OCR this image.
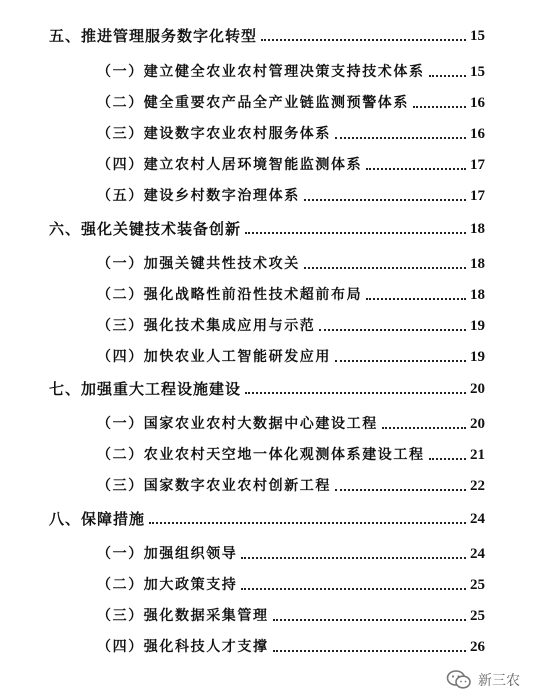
五、推进管理服务数字化转型	15
（一）建立健全农业农村管理决策支持技术体系	15
（二）健全重要农产品全产业链监测预警体系	16
（三）建设数字农业农村服务体系	16
（四）建立农村人居环境智能监测体系	17
（五）建设乡村数字治理体系	17
六、强化关键技术装备创新	18
（一）加强关键共性技术攻关	18
（二）强化战略性前沿性技术超前布局	18
（三）强化技术集成应用与示范	19
（四）加快农业人工智能研发应用	19
七、加强重大工程设施建设	20
（一）国家农业农村大数据中心建设工程	20
（二）农业农村天空地一体化观测体系建设工程	21
（三）国家数字农业农村创新工程	22
八、保障措施	24
（一）加强组织领导	24
（二）加大政策支持	25
（三）强化数据采集管理	25
（四）强化科技人才支撑	26
新三农
